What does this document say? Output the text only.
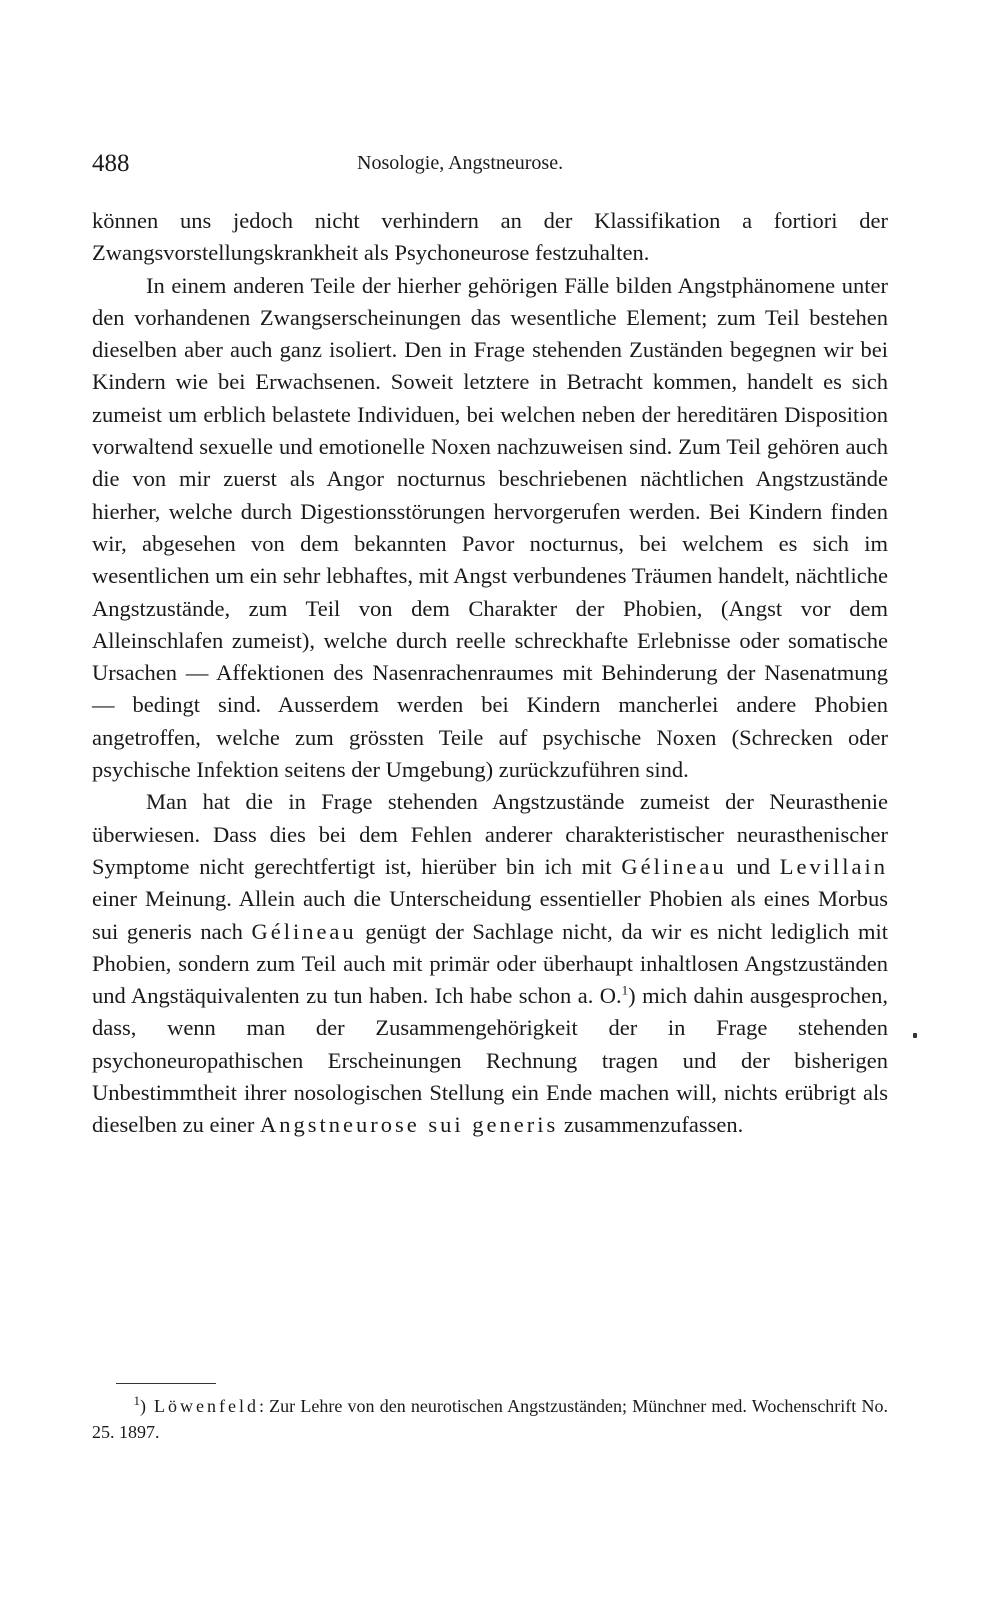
488	Nosologie, Angstneurose.

können uns jedoch nicht verhindern an der Klassifikation a fortiori der Zwangsvorstellungskrankheit als Psychoneurose festzuhalten.

In einem anderen Teile der hierher gehörigen Fälle bilden Angstphänomene unter den vorhandenen Zwangserscheinungen das wesentliche Element; zum Teil bestehen dieselben aber auch ganz isoliert. Den in Frage stehenden Zuständen begegnen wir bei Kindern wie bei Erwachsenen. Soweit letztere in Betracht kommen, handelt es sich zumeist um erblich belastete Individuen, bei welchen neben der hereditären Disposition vorwaltend sexuelle und emotionelle Noxen nachzuweisen sind. Zum Teil gehören auch die von mir zuerst als Angor nocturnus beschriebenen nächtlichen Angstzustände hierher, welche durch Digestionsstörungen hervorgerufen werden. Bei Kindern finden wir, abgesehen von dem bekannten Pavor nocturnus, bei welchem es sich im wesentlichen um ein sehr lebhaftes, mit Angst verbundenes Träumen handelt, nächtliche Angstzustände, zum Teil von dem Charakter der Phobien, (Angst vor dem Alleinschlafen zumeist), welche durch reelle schreckhafte Erlebnisse oder somatische Ursachen — Affektionen des Nasenrachenraumes mit Behinderung der Nasenatmung — bedingt sind. Ausserdem werden bei Kindern mancherlei andere Phobien angetroffen, welche zum grössten Teile auf psychische Noxen (Schrecken oder psychische Infektion seitens der Umgebung) zurückzuführen sind.

Man hat die in Frage stehenden Angstzustände zumeist der Neurasthenie überwiesen. Dass dies bei dem Fehlen anderer charakteristischer neurasthenischer Symptome nicht gerechtfertigt ist, hierüber bin ich mit Gélineau und Levillain einer Meinung. Allein auch die Unterscheidung essentieller Phobien als eines Morbus sui generis nach Gélineau genügt der Sachlage nicht, da wir es nicht lediglich mit Phobien, sondern zum Teil auch mit primär oder überhaupt inhaltlosen Angstzuständen und Angstäquivalenten zu tun haben. Ich habe schon a. O.$^1$) mich dahin ausgesprochen, dass, wenn man der Zusammengehörigkeit der in Frage stehenden psychoneuropathischen Erscheinungen Rechnung tragen und der bisherigen Unbestimmtheit ihrer nosologischen Stellung ein Ende machen will, nichts erübrigt als dieselben zu einer Angstneurose sui generis zusammenzufassen.

$^1$) Löwenfeld: Zur Lehre von den neurotischen Angstzuständen; Münchner med. Wochenschrift No. 25. 1897.
